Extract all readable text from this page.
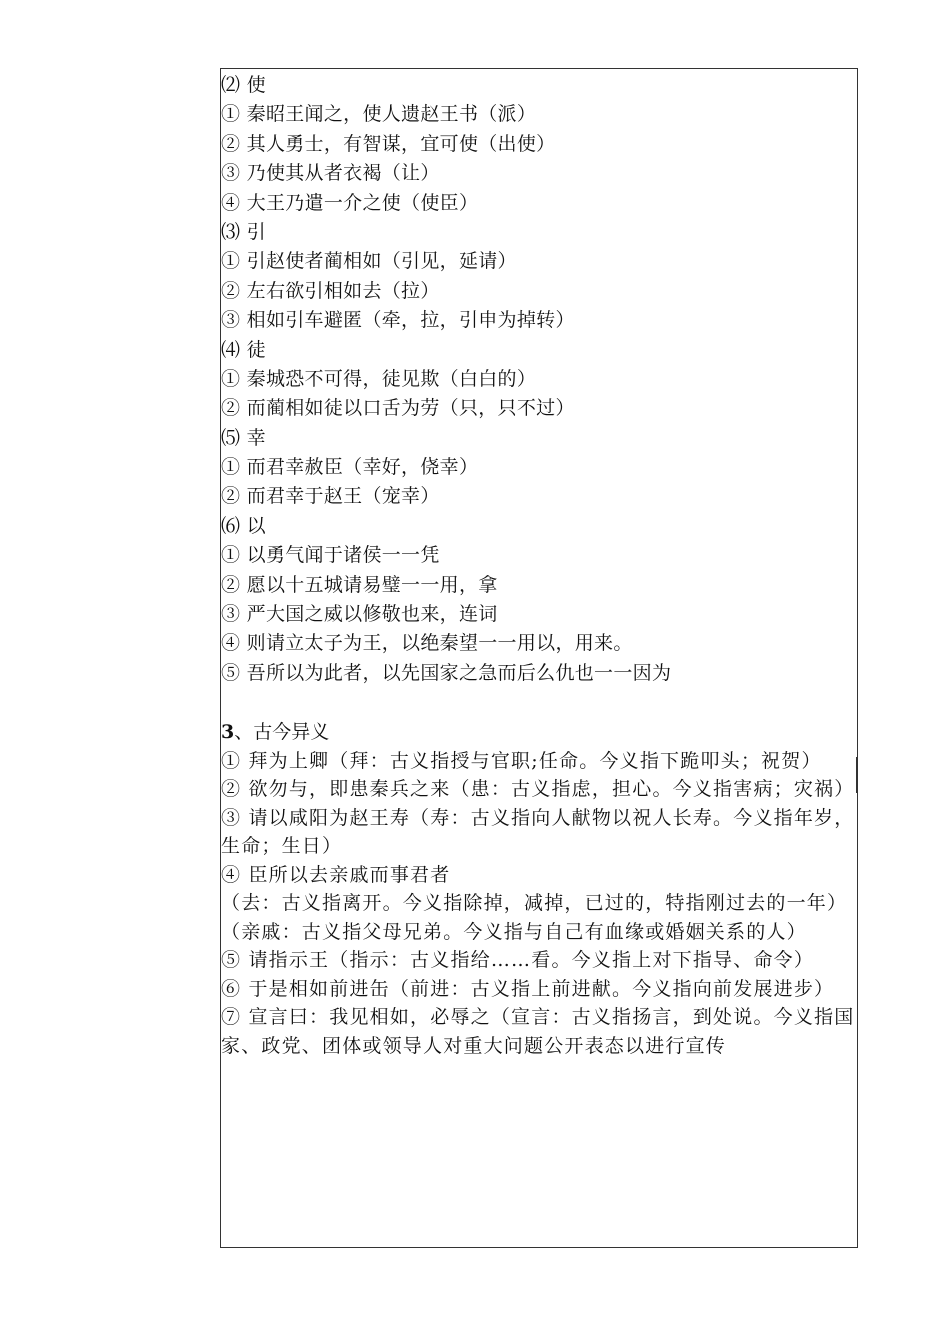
⑵ 使
① 秦昭王闻之，使人遗赵王书（派）
② 其人勇士，有智谋，宜可使（出使）
③ 乃使其从者衣褐（让）
④ 大王乃遣一介之使（使臣）
⑶ 引
① 引赵使者蔺相如（引见，延请）
② 左右欲引相如去（拉）
③ 相如引车避匿（牵，拉，引申为掉转）
⑷ 徒
① 秦城恐不可得，徒见欺（白白的）
② 而蔺相如徒以口舌为劳（只，只不过）
⑸ 幸
① 而君幸赦臣（幸好，侥幸）
② 而君幸于赵王（宠幸）
⑹ 以
① 以勇气闻于诸侯一一凭
② 愿以十五城请易璧一一用，拿
③ 严大国之威以修敬也来，连词
④ 则请立太子为王，以绝秦望一一用以，用来。
⑤ 吾所以为此者，以先国家之急而后么仇也一一因为
3、古今异义
① 拜为上卿（拜：古义指授与官职;任命。今义指下跪叩头；祝贺）
② 欲勿与，即患秦兵之来（患：古义指虑，担心。今义指害病；灾祸）
③ 请以咸阳为赵王寿（寿：古义指向人献物以祝人长寿。今义指年岁，生命；生日）
④ 臣所以去亲戚而事君者
（去：古义指离开。今义指除掉，减掉，已过的，特指刚过去的一年）
（亲戚：古义指父母兄弟。今义指与自己有血缘或婚姻关系的人）
⑤ 请指示王（指示：古义指给……看。今义指上对下指导、命令）
⑥ 于是相如前进缶（前进：古义指上前进献。今义指向前发展进步）
⑦ 宣言曰：我见相如，必辱之（宣言：古义指扬言，到处说。今义指国家、政党、团体或领导人对重大问题公开表态以进行宣传
